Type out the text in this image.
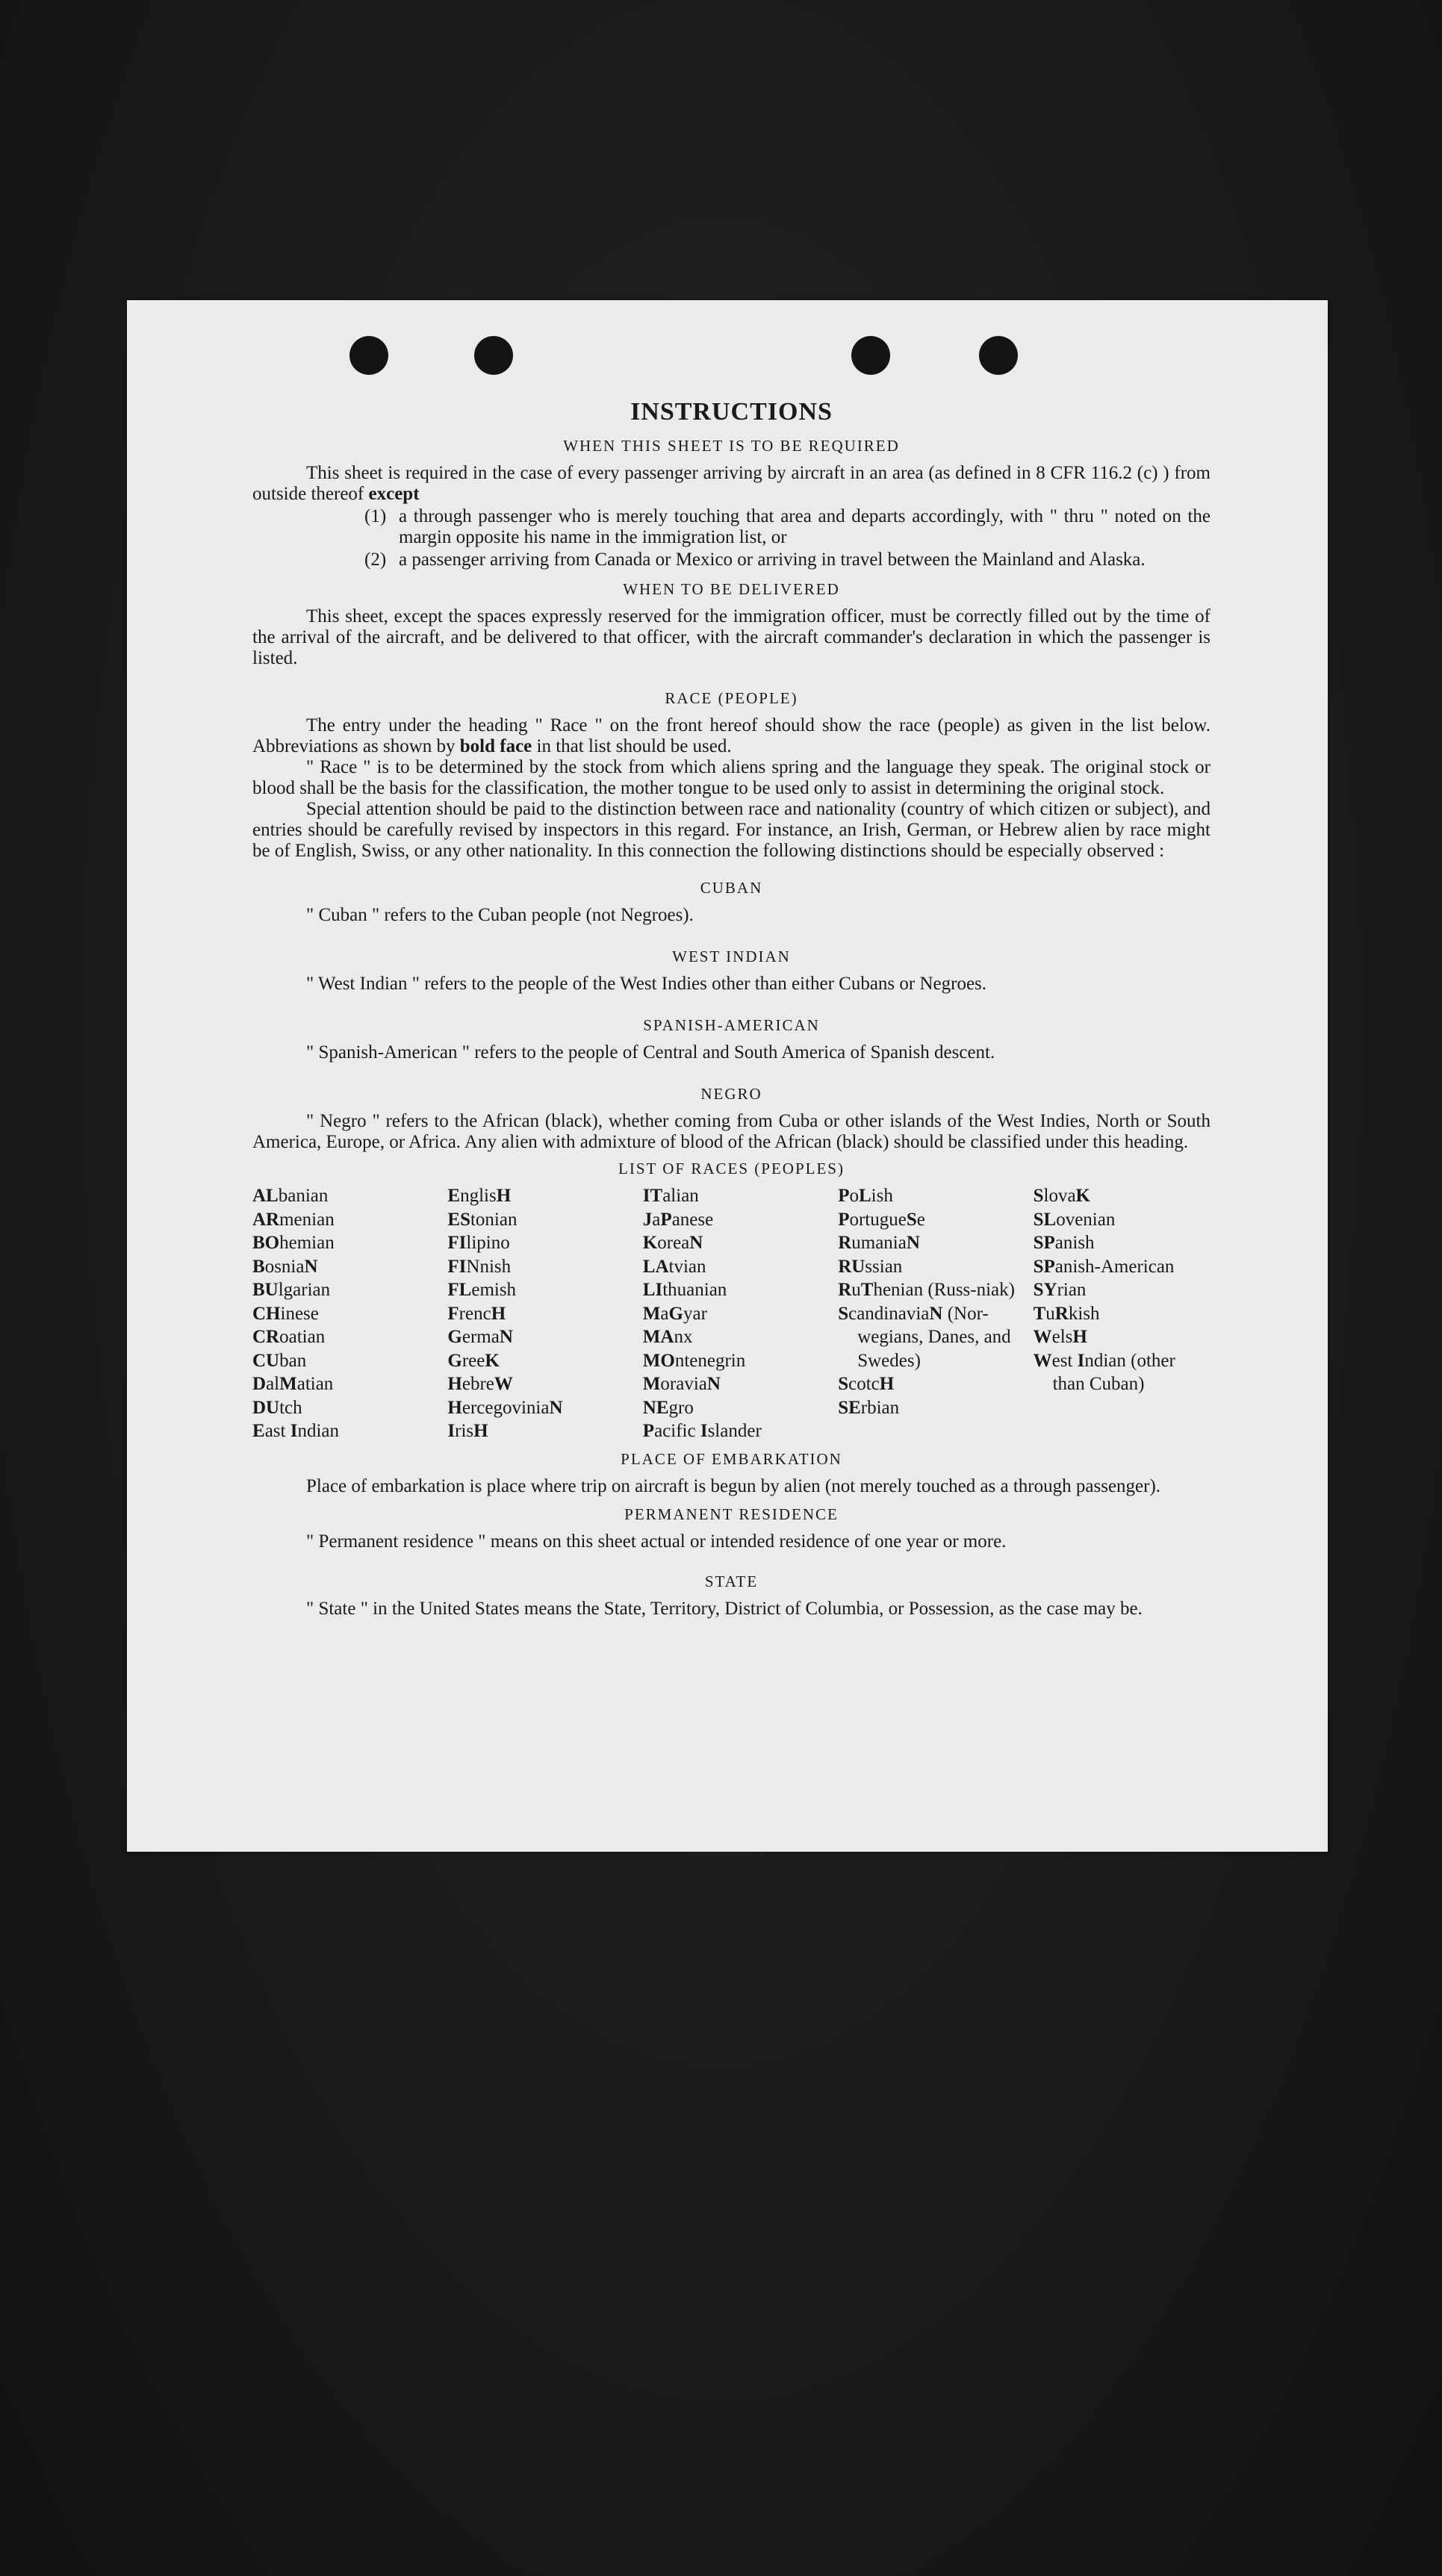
INSTRUCTIONS
WHEN THIS SHEET IS TO BE REQUIRED

This sheet is required in the case of every passenger arriving by aircraft in an area (as defined in 8 CFR 116.2 (c) ) from outside thereof except

(1) a through passenger who is merely touching that area and departs accordingly, with " thru " noted on the margin opposite his name in the immigration list, or
(2) a passenger arriving from Canada or Mexico or arriving in travel between the Mainland and Alaska.
WHEN TO BE DELIVERED

This sheet, except the spaces expressly reserved for the immigration officer, must be correctly filled out by the time of the arrival of the aircraft, and be delivered to that officer, with the aircraft commander's declaration in which the passenger is listed.

RACE (PEOPLE)

The entry under the heading " Race " on the front hereof should show the race (people) as given in the list below. Abbreviations as shown by bold face in that list should be used.

" Race " is to be determined by the stock from which aliens spring and the language they speak. The original stock or blood shall be the basis for the classification, the mother tongue to be used only to assist in determining the original stock.

Special attention should be paid to the distinction between race and nationality (country of which citizen or subject), and entries should be carefully revised by inspectors in this regard. For instance, an Irish, German, or Hebrew alien by race might be of English, Swiss, or any other nationality. In this connection the following distinctions should be especially observed :

CUBAN

" Cuban " refers to the Cuban people (not Negroes).

WEST INDIAN

" West Indian " refers to the people of the West Indies other than either Cubans or Negroes.

SPANISH-AMERICAN

" Spanish-American " refers to the people of Central and South America of Spanish descent.

NEGRO

" Negro " refers to the African (black), whether coming from Cuba or other islands of the West Indies, North or South America, Europe, or Africa. Any alien with admixture of blood of the African (black) should be classified under this heading.

LIST OF RACES (PEOPLES)
ALbanian
ARmenian
BOhemian
BosniaN
BUlgarian
CHinese
CRoatian
CUban
DalMatian
DUtch
East Indian
EnglisH
EStonian
FIlipino
FINnish
FLemish
FrencH
GermaN
GreeK
HebreW
HercegoviniaN
IrisH
ITalian
JaPanese
KoreaN
LAtvian
LIthuanian
MaGyar
MAnx
MOntenegrin
MoraviaN
NEgro
Pacific Islander
PoLish
PortugueSe
RumaniaN
RUssian
RuThenian (Russ-niak)
ScandinaviaN (Nor-wegians, Danes, and Swedes)
ScotcH
SErbian
SlovaK
SLovenian
SPanish
SPanish-American
SYrian
TuRkish
WelsH
West Indian (other than Cuban)
PLACE OF EMBARKATION

Place of embarkation is place where trip on aircraft is begun by alien (not merely touched as a through passenger).

PERMANENT RESIDENCE

" Permanent residence " means on this sheet actual or intended residence of one year or more.

STATE

" State " in the United States means the State, Territory, District of Columbia, or Possession, as the case may be.
